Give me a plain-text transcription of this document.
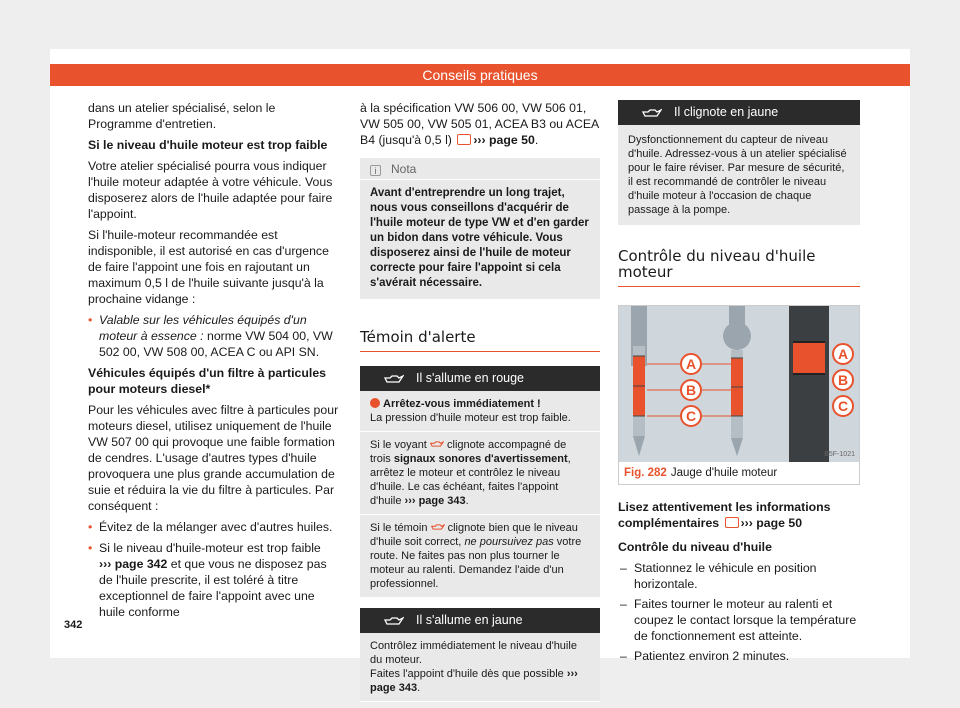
Conseils pratiques

dans un atelier spécialisé, selon le Programme d'entretien.

Si le niveau d'huile moteur est trop faible

Votre atelier spécialisé pourra vous indiquer l'huile moteur adaptée à votre véhicule. Vous disposerez alors de l'huile adaptée pour faire l'appoint.

Si l'huile-moteur recommandée est indisponible, il est autorisé en cas d'urgence de faire l'appoint une fois en rajoutant un maximum 0,5 l de l'huile suivante jusqu'à la prochaine vidange :

• Valable sur les véhicules équipés d'un moteur à essence : norme VW 504 00, VW 502 00, VW 508 00, ACEA C ou API SN.

Véhicules équipés d'un filtre à particules pour moteurs diesel*

Pour les véhicules avec filtre à particules pour moteurs diesel, utilisez uniquement de l'huile VW 507 00 qui provoque une faible formation de cendres. L'usage d'autres types d'huile provoquera une plus grande accumulation de suie et réduira la vie du filtre à particules. Par conséquent :

• Évitez de la mélanger avec d'autres huiles.

• Si le niveau d'huile-moteur est trop faible
››› page 342 et que vous ne disposez pas de l'huile prescrite, il est toléré à titre exceptionnel de faire l'appoint avec une huile conforme

à la spécification VW 506 00, VW 506 01, VW 505 00, VW 505 01, ACEA B3 ou ACEA B4 (jusqu'à 0,5 l) ››› page 50.

i Nota
Avant d'entreprendre un long trajet, nous vous conseillons d'acquérir de l'huile moteur de type VW et d'en garder un bidon dans votre véhicule. Vous disposerez ainsi de l'huile de moteur correcte pour faire l'appoint si cela s'avérait nécessaire.
Témoin d'alerte
Il s'allume en rouge
Arrêtez-vous immédiatement !
La pression d'huile moteur est trop faible.
Si le voyant clignote accompagné de trois signaux sonores d'avertissement, arrêtez le moteur et contrôlez le niveau d'huile. Le cas échéant, faites l'appoint d'huile ››› page 343.
Si le témoin clignote bien que le niveau d'huile soit correct, ne poursuivez pas votre route. Ne faites pas non plus tourner le moteur au ralenti. Demandez l'aide d'un professionnel.
Il s'allume en jaune
Contrôlez immédiatement le niveau d'huile du moteur.
Faites l'appoint d'huile dès que possible ››› page 343.
Il clignote en jaune
Dysfonctionnement du capteur de niveau d'huile. Adressez-vous à un atelier spécialisé pour le faire réviser. Par mesure de sécurité, il est recommandé de contrôler le niveau d'huile moteur à l'occasion de chaque passage à la pompe.
Contrôle du niveau d'huile moteur
A
B
C
A
B
C
B5F-1021
Fig. 282 Jauge d'huile moteur

Lisez attentivement les informations complémentaires ››› page 50

Contrôle du niveau d'huile

– Stationnez le véhicule en position horizontale.

– Faites tourner le moteur au ralenti et coupez le contact lorsque la température de fonctionnement est atteinte.

– Patientez environ 2 minutes.

342
